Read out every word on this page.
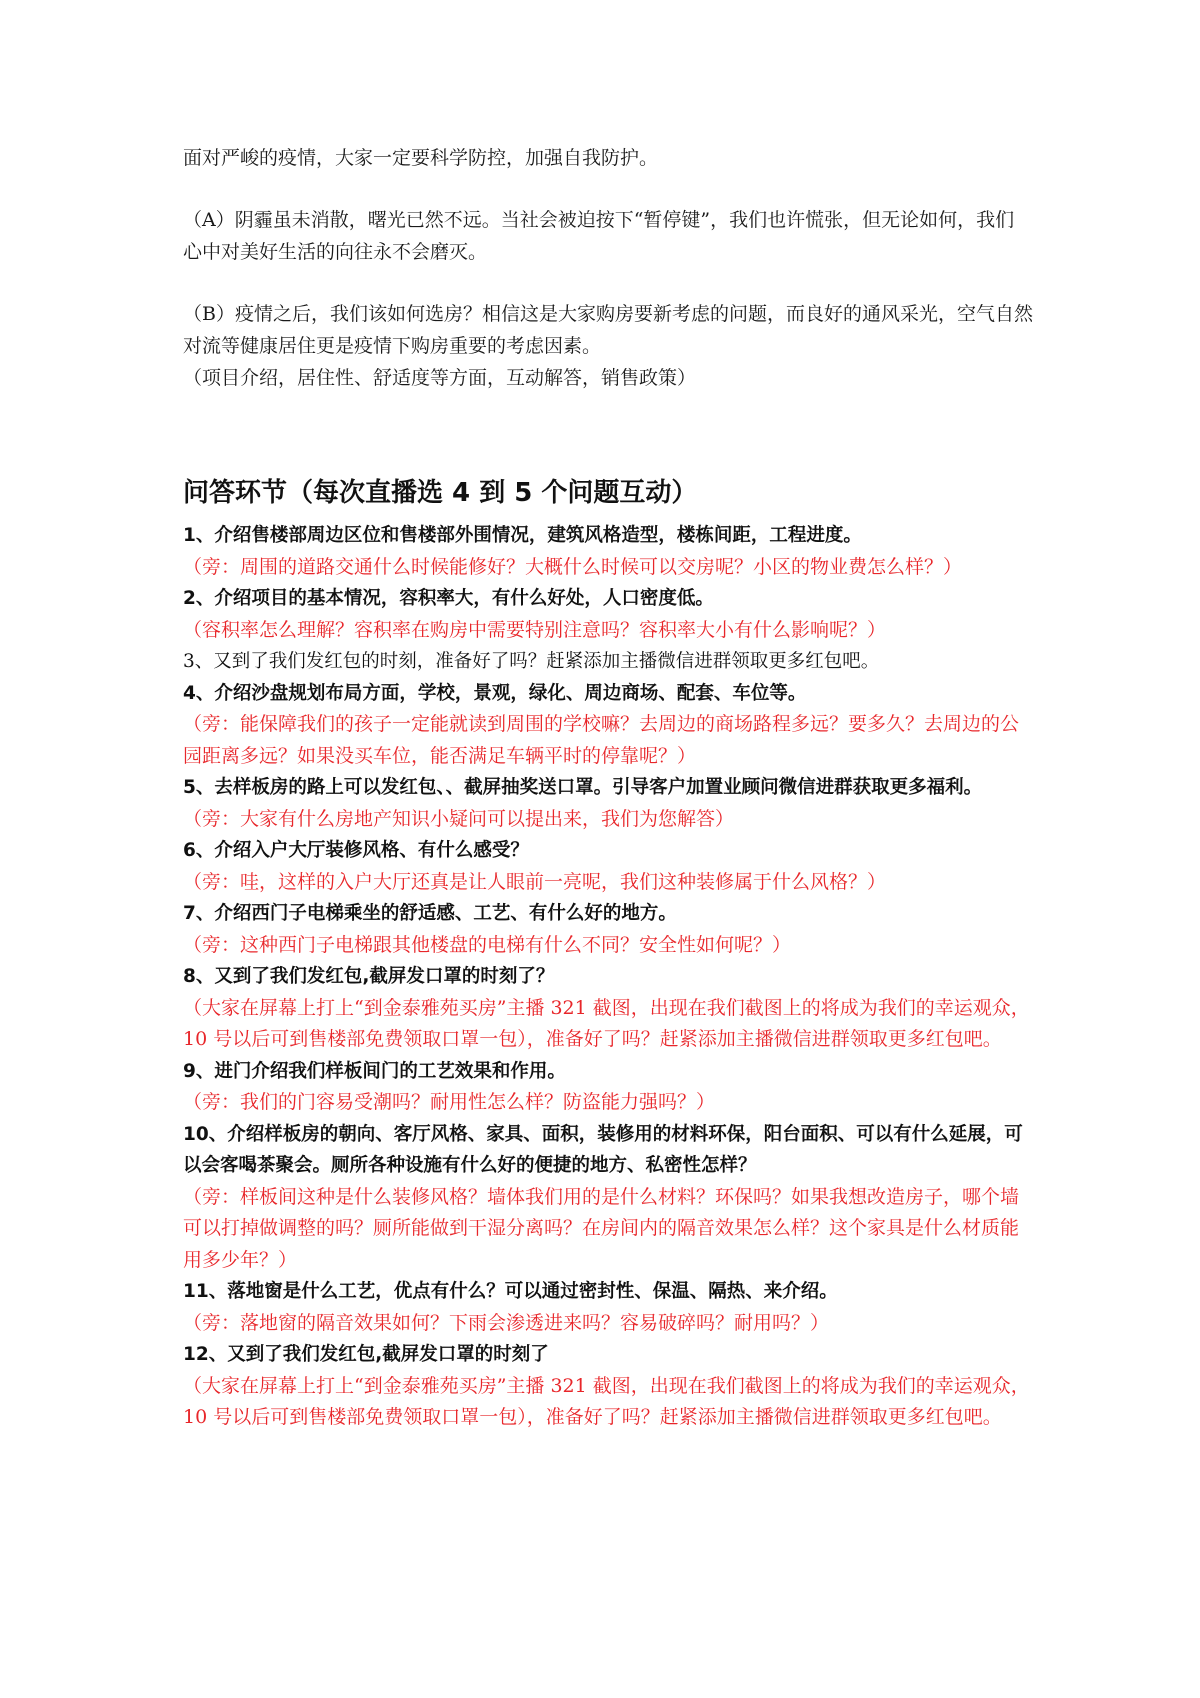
面对严峻的疫情，大家一定要科学防控，加强自我防护。

（A）阴霾虽未消散，曙光已然不远。当社会被迫按下“暂停键”，我们也许慌张，但无论如何，我们心中对美好生活的向往永不会磨灭。

（B）疫情之后，我们该如何选房？相信这是大家购房要新考虑的问题，而良好的通风采光，空气自然对流等健康居住更是疫情下购房重要的考虑因素。

（项目介绍，居住性、舒适度等方面，互动解答，销售政策）

问答环节（每次直播选 4 到 5 个问题互动）

1、介绍售楼部周边区位和售楼部外围情况，建筑风格造型，楼栋间距，工程进度。

（旁：周围的道路交通什么时候能修好？大概什么时候可以交房呢？小区的物业费怎么样？）

2、介绍项目的基本情况，容积率大，有什么好处，人口密度低。

（容积率怎么理解？容积率在购房中需要特别注意吗？容积率大小有什么影响呢？）

3、又到了我们发红包的时刻，准备好了吗？赶紧添加主播微信进群领取更多红包吧。

4、介绍沙盘规划布局方面，学校，景观，绿化、周边商场、配套、车位等。

（旁：能保障我们的孩子一定能就读到周围的学校嘛？去周边的商场路程多远？要多久？去周边的公园距离多远？如果没买车位，能否满足车辆平时的停靠呢？）

5、去样板房的路上可以发红包、、截屏抽奖送口罩。引导客户加置业顾问微信进群获取更多福利。

（旁：大家有什么房地产知识小疑问可以提出来，我们为您解答）

6、介绍入户大厅装修风格、有什么感受？

（旁：哇，这样的入户大厅还真是让人眼前一亮呢，我们这种装修属于什么风格？）

7、介绍西门子电梯乘坐的舒适感、工艺、有什么好的地方。

（旁：这种西门子电梯跟其他楼盘的电梯有什么不同？安全性如何呢？）

8、又到了我们发红包,截屏发口罩的时刻了？

（大家在屏幕上打上“到金泰雅苑买房”主播 321 截图，出现在我们截图上的将成为我们的幸运观众，10 号以后可到售楼部免费领取口罩一包），准备好了吗？赶紧添加主播微信进群领取更多红包吧。

9、进门介绍我们样板间门的工艺效果和作用。

（旁：我们的门容易受潮吗？耐用性怎么样？防盗能力强吗？）

10、介绍样板房的朝向、客厅风格、家具、面积，装修用的材料环保，阳台面积、可以有什么延展，可以会客喝茶聚会。厕所各种设施有什么好的便捷的地方、私密性怎样？

（旁：样板间这种是什么装修风格？墙体我们用的是什么材料？环保吗？如果我想改造房子，哪个墙可以打掉做调整的吗？厕所能做到干湿分离吗？在房间内的隔音效果怎么样？这个家具是什么材质能用多少年？）

11、落地窗是什么工艺，优点有什么？可以通过密封性、保温、隔热、来介绍。

（旁：落地窗的隔音效果如何？下雨会渗透进来吗？容易破碎吗？耐用吗？）

12、又到了我们发红包,截屏发口罩的时刻了

（大家在屏幕上打上“到金泰雅苑买房”主播 321 截图，出现在我们截图上的将成为我们的幸运观众，10 号以后可到售楼部免费领取口罩一包），准备好了吗？赶紧添加主播微信进群领取更多红包吧。
